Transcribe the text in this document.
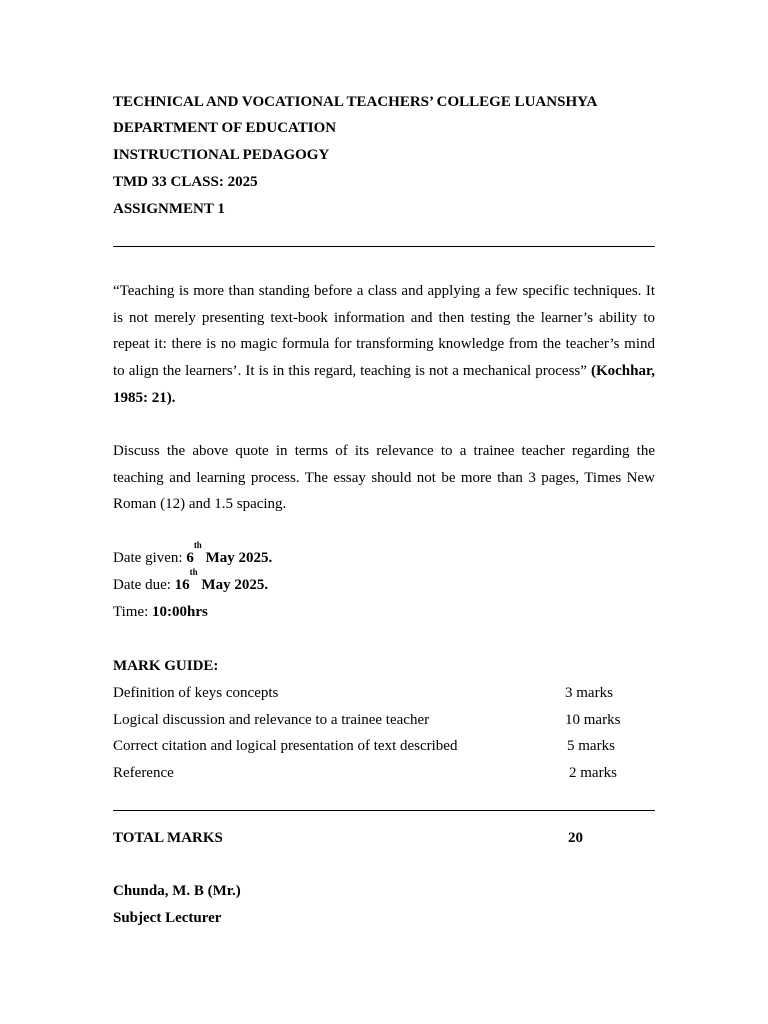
TECHNICAL AND VOCATIONAL TEACHERS’ COLLEGE LUANSHYA
DEPARTMENT OF EDUCATION
INSTRUCTIONAL PEDAGOGY
TMD 33 CLASS: 2025
ASSIGNMENT 1
“Teaching is more than standing before a class and applying a few specific techniques. It is not merely presenting text-book information and then testing the learner’s ability to repeat it: there is no magic formula for transforming knowledge from the teacher’s mind to align the learners’. It is in this regard, teaching is not a mechanical process” (Kochhar, 1985: 21).
Discuss the above quote in terms of its relevance to a trainee teacher regarding the teaching and learning process. The essay should not be more than 3 pages, Times New Roman (12) and 1.5 spacing.
Date given: 6th May 2025.
Date due: 16th May 2025.
Time: 10:00hrs
MARK GUIDE:
Definition of keys concepts	3 marks
Logical discussion and relevance to a trainee teacher	10 marks
Correct citation and logical presentation of text described	5 marks
Reference	2 marks
TOTAL MARKS	20
Chunda, M. B (Mr.)
Subject Lecturer
